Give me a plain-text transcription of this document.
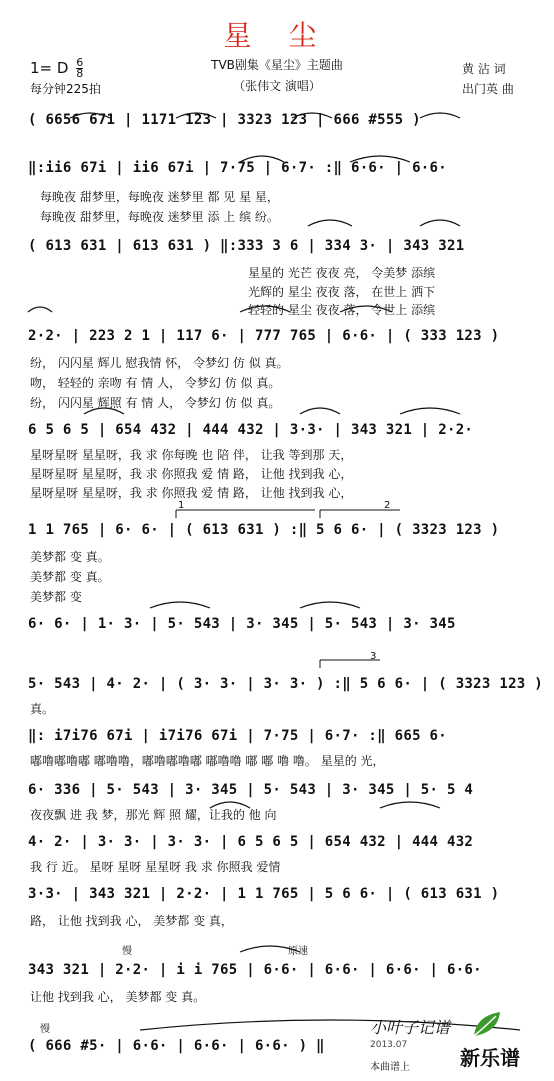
星 尘
1= D $\frac{6}{8}$
每分钟225拍
TVB剧集《星尘》主题曲
（张伟文 演唱）
黄 沾 词
出门英 曲
1	2
3
( 6656 671 | 1171 123 | 3323 123 | 666 #555 )
‖:ii6 67i | ii6 67i | 7·75 | 6·7· :‖ 6·6· | 6·6·
每晚夜 甜梦里，每晚夜 迷梦里 都 见 星 星，
每晚夜 甜梦里，每晚夜 迷梦里 添 上 缤 纷。
( 613 631 | 613 631 ) ‖:333 3 6 | 334 3· | 343 321
星星的 光芒 夜夜 亮， 令美梦 添缤
光辉的 星尘 夜夜 落， 在世上 洒下
轻轻的 星尘 夜夜 落， 令世上 添缤
2·2· | 223 2 1 | 117 6· | 777 765 | 6·6· | ( 333 123 )
纷， 闪闪星 辉儿 慰我情 怀， 令梦幻 仿 似 真。
吻， 轻轻的 亲吻 有 情 人， 令梦幻 仿 似 真。
纷， 闪闪星 辉照 有 情 人， 令梦幻 仿 似 真。
6 5 6 5 | 654 432 | 444 432 | 3·3· | 343 321 | 2·2·
星呀星呀 星星呀，我 求 你每晚 也 陪 伴， 让我 等到那 天，
星呀星呀 星星呀，我 求 你照我 爱 情 路， 让他 找到我 心，
星呀星呀 星星呀，我 求 你照我 爱 情 路， 让他 找到我 心，
1 1 765 | 6· 6· | ( 613 631 ) :‖ 5 6 6· | ( 3323 123 )
美梦都 变 真。
美梦都 变 真。
美梦都 变
6· 6· | 1· 3· | 5· 543 | 3· 345 | 5· 543 | 3· 345
5· 543 | 4· 2· | ( 3· 3· | 3· 3· ) :‖ 5 6 6· | ( 3323 123 )
真。
‖: i7i76 67i | i7i76 67i | 7·75 | 6·7· :‖ 665 6·
嘟噜嘟噜嘟 嘟噜噜，嘟噜嘟噜嘟 嘟噜噜 嘟 嘟 噜 噜。 星星的 光，
6· 336 | 5· 543 | 3· 345 | 5· 543 | 3· 345 | 5· 5 4
夜夜飘 进 我 梦，那光 辉 照 耀，让我的 他 向
4· 2· | 3· 3· | 3· 3· | 6 5 6 5 | 654 432 | 444 432
我 行 近。 星呀 星呀 星星呀 我 求 你照我 爱情
3·3· | 343 321 | 2·2· | 1 1 765 | 5 6 6· | ( 613 631 )
路， 让他 找到我 心， 美梦都 变 真，
慢	原速
343 321 | 2·2· | i i 765 | 6·6· | 6·6· | 6·6· | 6·6·
让他 找到我 心， 美梦都 变 真。
慢
( 666 #5· | 6·6· | 6·6· | 6·6· ) ‖
小叶子记谱
2013.07
本曲谱上	新乐谱
